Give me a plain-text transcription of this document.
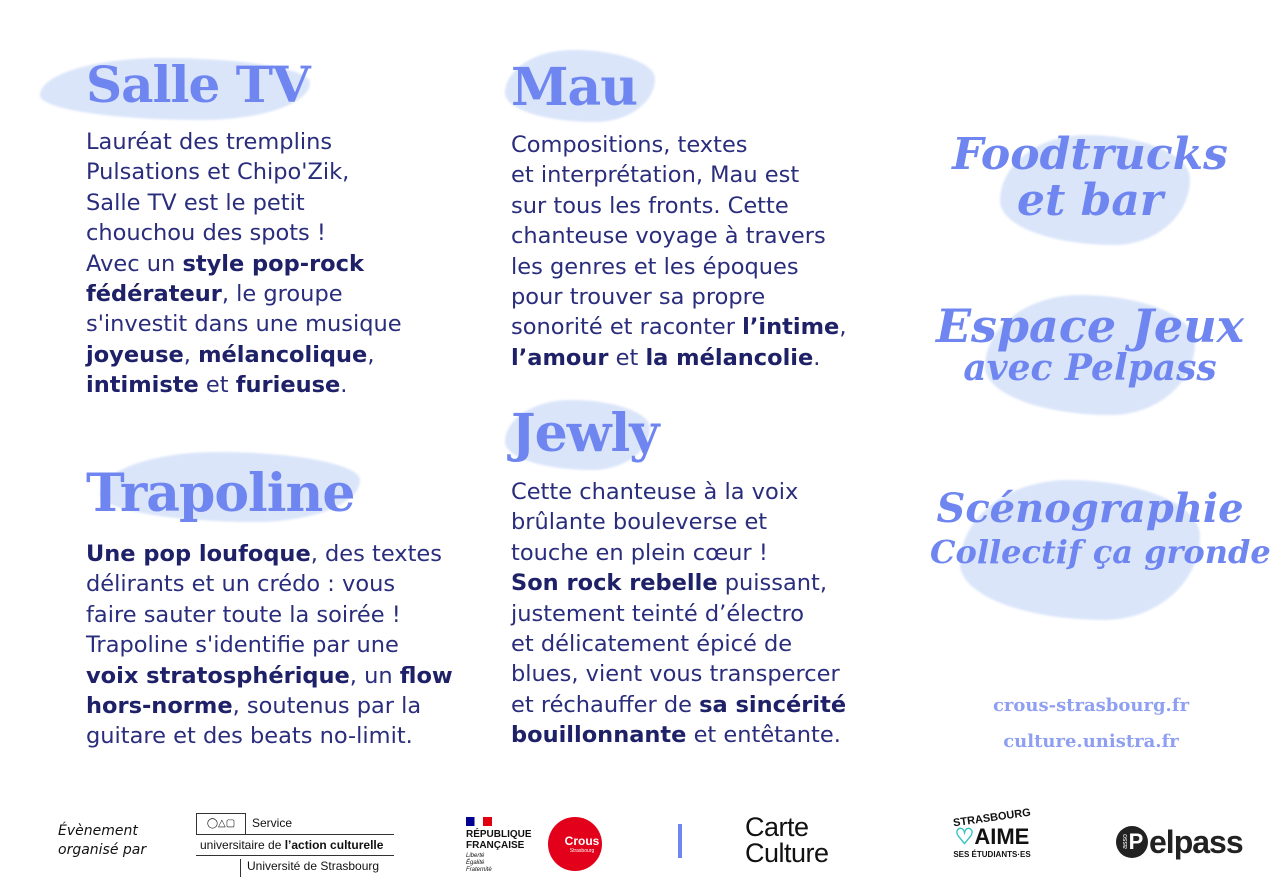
Salle TV
Lauréat des tremplins
Pulsations et Chipo'Zik,
Salle TV est le petit
chouchou des spots !
Avec un style pop-rock
fédérateur, le groupe
s'investit dans une musique
joyeuse, mélancolique,
intimiste et furieuse.
Trapoline
Une pop loufoque, des textes
délirants et un crédo : vous
faire sauter toute la soirée !
Trapoline s'identifie par une
voix stratosphérique, un flow
hors-norme, soutenus par la
guitare et des beats no-limit.
Mau
Compositions, textes
et interprétation, Mau est
sur tous les fronts. Cette
chanteuse voyage à travers
les genres et les époques
pour trouver sa propre
sonorité et raconter l’intime,
l’amour et la mélancolie.
Jewly
Cette chanteuse à la voix
brûlante bouleverse et
touche en plein cœur !
Son rock rebelle puissant,
justement teinté d’électro
et délicatement épicé de
blues, vient vous transpercer
et réchauffer de sa sincérité
bouillonnante et entêtante.
Foodtrucks
et bar
Espace Jeux
avec Pelpass
Scénographie
Collectif ça gronde
crous-strasbourg.fr
culture.unistra.fr
Évènement
organisé par
◯△▢	Service
universitaire de l’action culturelle
Université de Strasbourg
RÉPUBLIQUE
FRANÇAISE
Liberté
Égalité
Fraternité
Crous
Strasbourg
Carte
Culture
STRASBOURG
♡AIME
SES ÉTUDIANTS·ES
asso P elpass
